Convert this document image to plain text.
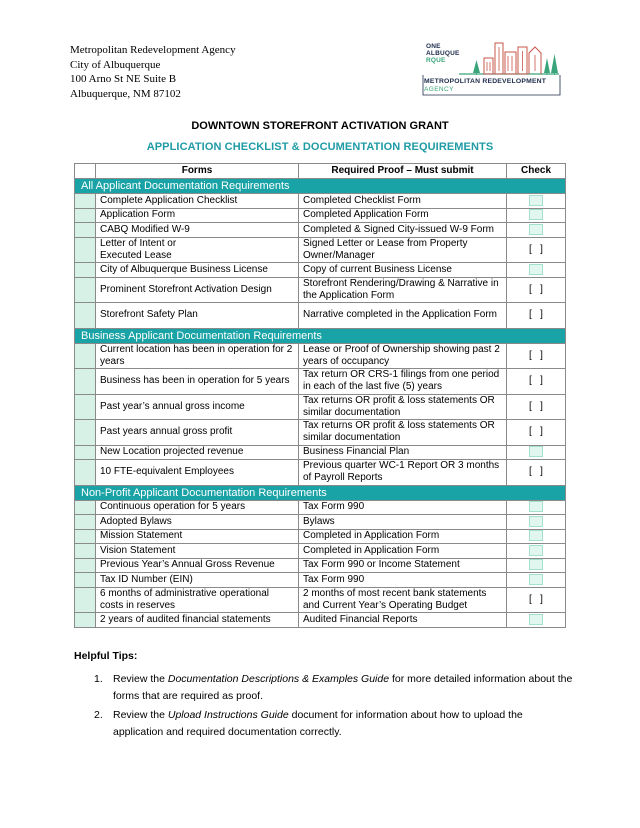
Metropolitan Redevelopment Agency
City of Albuquerque
100 Arno St NE Suite B
Albuquerque, NM 87102
ONE
ALBUQUE
RQUE
METROPOLITAN REDEVELOPMENT
AGENCY
DOWNTOWN STOREFRONT ACTIVATION GRANT
APPLICATION CHECKLIST & DOCUMENTATION REQUIREMENTS
	Forms	Required Proof – Must submit	Check
All Applicant Documentation Requirements			
	Complete Application Checklist	Completed Checklist Form	
	Application Form	Completed Application Form	
	CABQ Modified W-9	Completed & Signed City-issued W-9 Form	
	Letter of Intent or
Executed Lease	Signed Letter or Lease from Property Owner/Manager	[   ]
	City of Albuquerque Business License	Copy of current Business License	
	Prominent Storefront Activation Design	Storefront Rendering/Drawing & Narrative in the Application Form	[   ]
	Storefront Safety Plan	Narrative completed in the Application Form	[   ]
Business Applicant Documentation Requirements			
	Current location has been in operation for 2 years	Lease or Proof of Ownership showing past 2 years of occupancy	[   ]
	Business has been in operation for 5 years	Tax return OR CRS-1 filings from one period in each of the last five (5) years	[   ]
	Past year’s annual gross income	Tax returns OR profit & loss statements OR similar documentation	[   ]
	Past years annual gross profit	Tax returns OR profit & loss statements OR similar documentation	[   ]
	New Location projected revenue	Business Financial Plan	
	10 FTE-equivalent Employees	Previous quarter WC-1 Report OR 3 months of Payroll Reports	[   ]
Non-Profit Applicant Documentation Requirements			
	Continuous operation for 5 years	Tax Form 990	
	Adopted Bylaws	Bylaws	
	Mission Statement	Completed in Application Form	
	Vision Statement	Completed in Application Form	
	Previous Year’s Annual Gross Revenue	Tax Form 990 or Income Statement	
	Tax ID Number (EIN)	Tax Form 990	
	6 months of administrative operational costs in reserves	2 months of most recent bank statements and Current Year’s Operating Budget	[   ]
	2 years of audited financial statements	Audited Financial Reports	
Helpful Tips:
1. Review the Documentation Descriptions & Examples Guide for more detailed information about the forms that are required as proof.
2. Review the Upload Instructions Guide document for information about how to upload the application and required documentation correctly.
